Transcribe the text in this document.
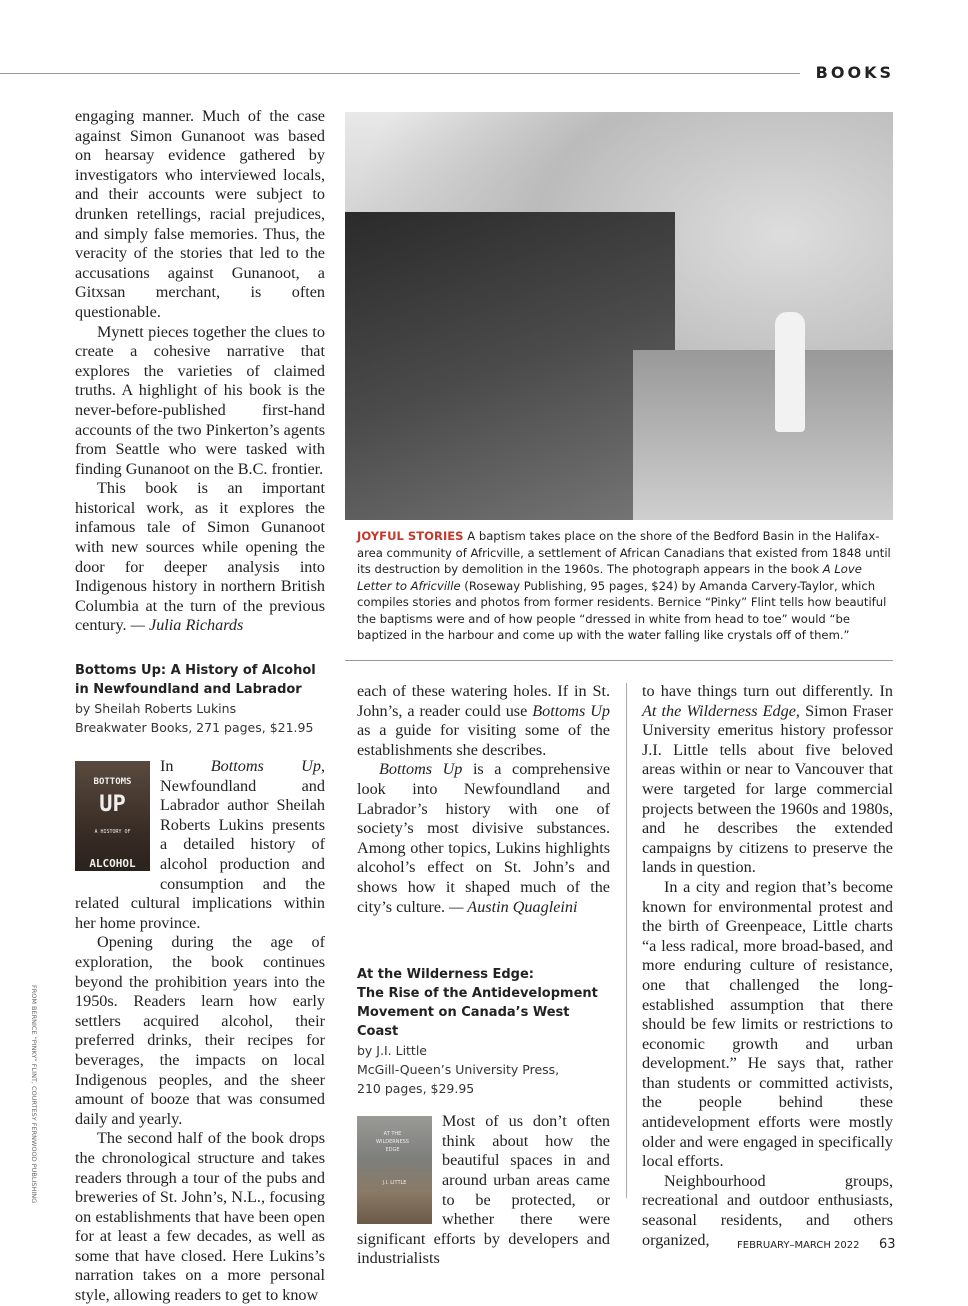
BOOKS

engaging manner. Much of the case against Simon Gunanoot was based on hearsay evidence gathered by investigators who interviewed locals, and their accounts were subject to drunken retellings, racial prejudices, and simply false memories. Thus, the veracity of the stories that led to the accusations against Gunanoot, a Gitxsan merchant, is often questionable.

Mynett pieces together the clues to create a cohesive narrative that explores the varieties of claimed truths. A highlight of his book is the never-before-published first-hand accounts of the two Pinkerton’s agents from Seattle who were tasked with finding Gunanoot on the B.C. frontier.

This book is an important historical work, as it explores the infamous tale of Simon Gunanoot with new sources while opening the door for deeper analysis into Indigenous history in northern British Columbia at the turn of the previous century. — Julia Richards

Bottoms Up: A History of Alcohol in Newfoundland and Labrador
by Sheilah Roberts Lukins
Breakwater Books, 271 pages, $21.95
BOTTOMS
UP
A HISTORY OF
ALCOHOL

In Bottoms Up, Newfoundland and Labrador author Sheilah Roberts Lukins presents a detailed history of alcohol production and consumption and the related cultural implications within her home province.

Opening during the age of exploration, the book continues beyond the prohibition years into the 1950s. Readers learn how early settlers acquired alcohol, their preferred drinks, their recipes for beverages, the impacts on local Indigenous peoples, and the sheer amount of booze that was consumed daily and yearly.

The second half of the book drops the chronological structure and takes readers through a tour of the pubs and breweries of St. John’s, N.L., focusing on establishments that have been open for at least a few decades, as well as some that have closed. Here Lukins’s narration takes on a more personal style, allowing readers to get to know

JOYFUL STORIES A baptism takes place on the shore of the Bedford Basin in the Halifax-area community of Africville, a settlement of African Canadians that existed from 1848 until its destruction by demolition in the 1960s. The photograph appears in the book A Love Letter to Africville (Roseway Publishing, 95 pages, $24) by Amanda Carvery-Taylor, which compiles stories and photos from former residents. Bernice “Pinky” Flint tells how beautiful the baptisms were and of how people “dressed in white from head to toe” would “be baptized in the harbour and come up with the water falling like crystals off of them.”

each of these watering holes. If in St. John’s, a reader could use Bottoms Up as a guide for visiting some of the establishments she describes.

Bottoms Up is a comprehensive look into Newfoundland and Labrador’s history with one of society’s most divisive substances. Among other topics, Lukins highlights alcohol’s effect on St. John’s and shows how it shaped much of the city’s culture. — Austin Quagleini

At the Wilderness Edge:
The Rise of the Antidevelopment Movement on Canada’s West Coast
by J.I. Little
McGill-Queen’s University Press,
210 pages, $29.95
AT THE WILDERNESS EDGE
J.I. LITTLE

Most of us don’t often think about how the beautiful spaces in and around urban areas came to be protected, or whether there were significant efforts by developers and industrialists

to have things turn out differently. In At the Wilderness Edge, Simon Fraser University emeritus history professor J.I. Little tells about five beloved areas within or near to Vancouver that were targeted for large commercial projects between the 1960s and 1980s, and he describes the extended campaigns by citizens to preserve the lands in question.

In a city and region that’s become known for environmental protest and the birth of Greenpeace, Little charts “a less radical, more broad-based, and more enduring culture of resistance, one that challenged the long-established assumption that there should be few limits or restrictions to economic growth and urban development.” He says that, rather than students or committed activists, the people behind these antidevelopment efforts were mostly older and were engaged in specifically local efforts.

Neighbourhood groups, recreational and outdoor enthusiasts, seasonal residents, and others organized,

FROM BERNICE “PINKY” FLINT, COURTESY FERNWOOD PUBLISHING
FEBRUARY–MARCH 2022 63
